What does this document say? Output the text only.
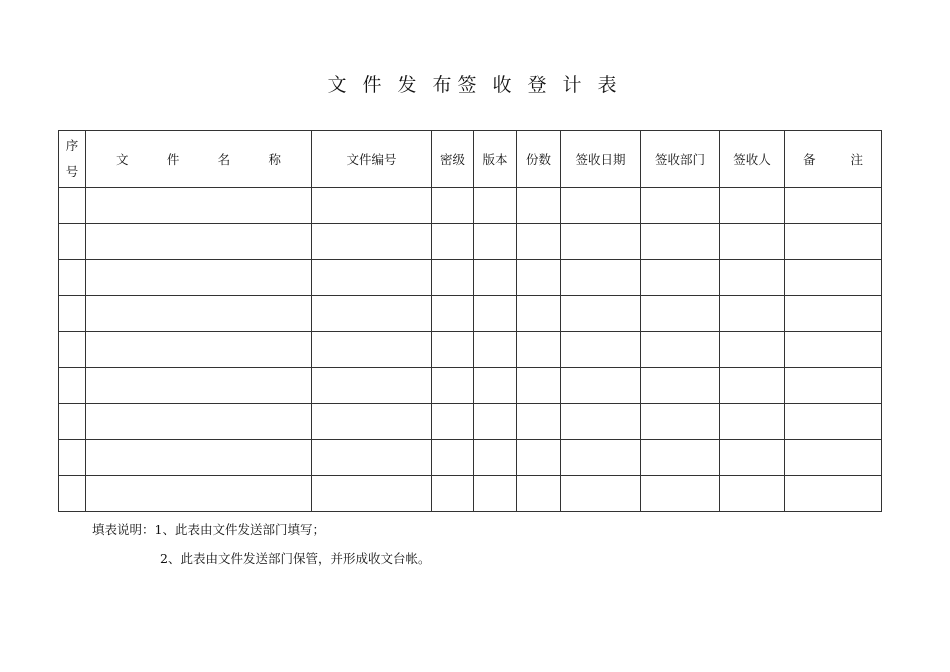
文 件 发 布签 收 登 计 表
序
号	文 件 名 称	文件编号	密级	版本	份数	签收日期	签收部门	签收人	备 注

填表说明：1、此表由文件发送部门填写；
2、此表由文件发送部门保管，并形成收文台帐。
